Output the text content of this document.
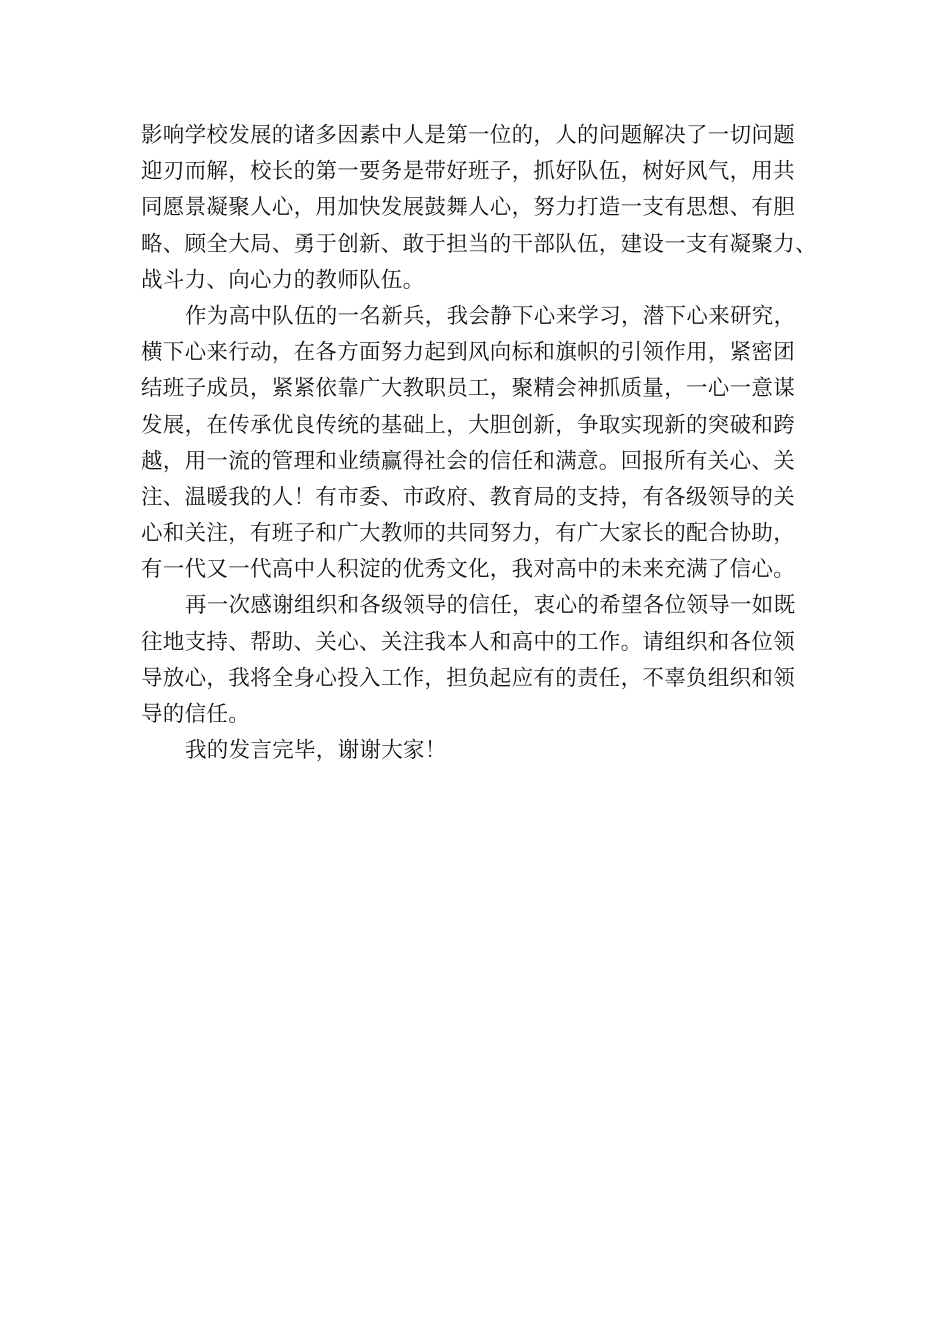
影响学校发展的诸多因素中人是第一位的，人的问题解决了一切问题
迎刃而解，校长的第一要务是带好班子，抓好队伍，树好风气，用共
同愿景凝聚人心，用加快发展鼓舞人心，努力打造一支有思想、有胆
略、顾全大局、勇于创新、敢于担当的干部队伍，建设一支有凝聚力、
战斗力、向心力的教师队伍。
作为高中队伍的一名新兵，我会静下心来学习，潜下心来研究，
横下心来行动，在各方面努力起到风向标和旗帜的引领作用，紧密团
结班子成员，紧紧依靠广大教职员工，聚精会神抓质量，一心一意谋
发展，在传承优良传统的基础上，大胆创新，争取实现新的突破和跨
越，用一流的管理和业绩赢得社会的信任和满意。回报所有关心、关
注、温暖我的人！有市委、市政府、教育局的支持，有各级领导的关
心和关注，有班子和广大教师的共同努力，有广大家长的配合协助，
有一代又一代高中人积淀的优秀文化，我对高中的未来充满了信心。
再一次感谢组织和各级领导的信任，衷心的希望各位领导一如既
往地支持、帮助、关心、关注我本人和高中的工作。请组织和各位领
导放心，我将全身心投入工作，担负起应有的责任，不辜负组织和领
导的信任。
我的发言完毕，谢谢大家！
